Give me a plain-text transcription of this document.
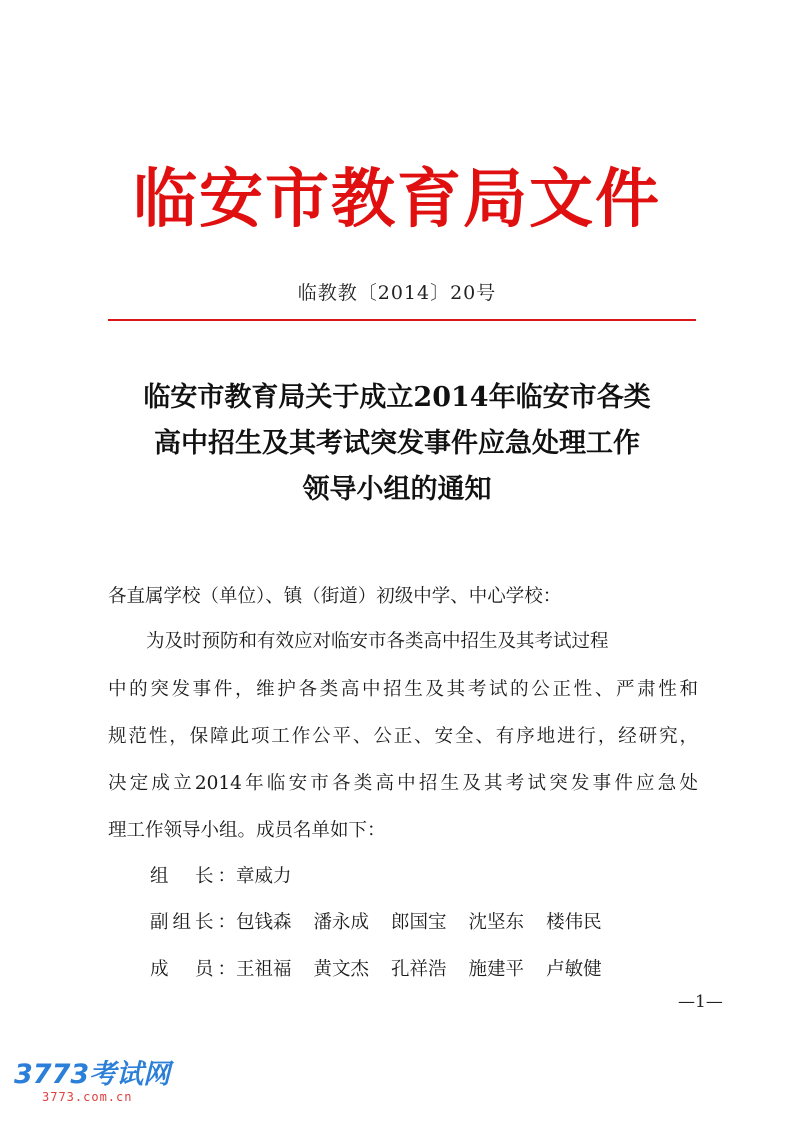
临安市教育局文件
临教教〔2014〕20号
临安市教育局关于成立2014年临安市各类
高中招生及其考试突发事件应急处理工作
领导小组的通知
各直属学校（单位）、镇（街道）初级中学、中心学校：
为及时预防和有效应对临安市各类高中招生及其考试过程
中的突发事件，维护各类高中招生及其考试的公正性、严肃性和
规范性，保障此项工作公平、公正、安全、有序地进行，经研究，
决定成立2014年临安市各类高中招生及其考试突发事件应急处
理工作领导小组。成员名单如下：
组　长：章威力
副组长：包钱森 潘永成 郎国宝 沈坚东 楼伟民
成　员：王祖福 黄文杰 孔祥浩 施建平 卢敏健
—1—
3773考试网
3773.com.cn
